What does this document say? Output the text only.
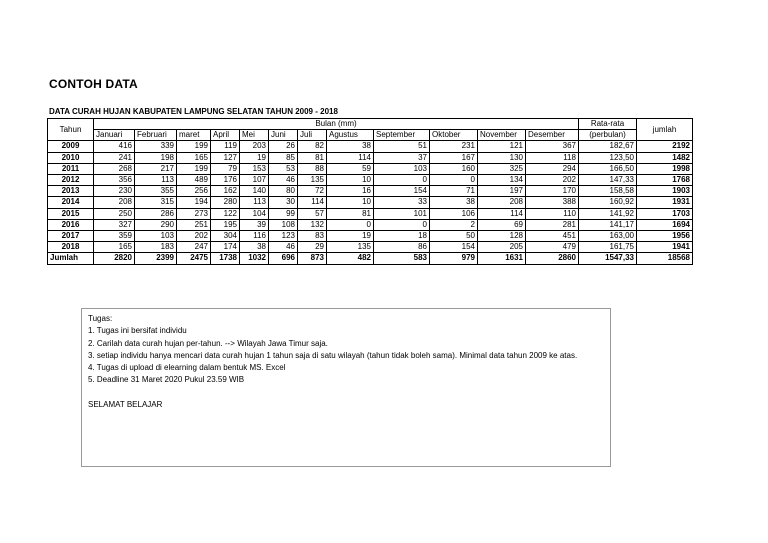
CONTOH DATA
DATA CURAH HUJAN KABUPATEN LAMPUNG SELATAN TAHUN 2009 - 2018
Tahun	Bulan (mm)												Rata-rata	jumlah
	Januari	Februari	maret	April	Mei	Juni	Juli	Agustus	September	Oktober	November	Desember	(perbulan)	
2009	416	339	199	119	203	26	82	38	51	231	121	367	182,67	2192
2010	241	198	165	127	19	85	81	114	37	167	130	118	123,50	1482
2011	268	217	199	79	153	53	88	59	103	160	325	294	166,50	1998
2012	356	113	489	176	107	46	135	10	0	0	134	202	147,33	1768
2013	230	355	256	162	140	80	72	16	154	71	197	170	158,58	1903
2014	208	315	194	280	113	30	114	10	33	38	208	388	160,92	1931
2015	250	286	273	122	104	99	57	81	101	106	114	110	141,92	1703
2016	327	290	251	195	39	108	132	0	0	2	69	281	141,17	1694
2017	359	103	202	304	116	123	83	19	18	50	128	451	163,00	1956
2018	165	183	247	174	38	46	29	135	86	154	205	479	161,75	1941
Jumlah	2820	2399	2475	1738	1032	696	873	482	583	979	1631	2860	1547,33	18568
Tugas:
1. Tugas ini bersifat individu
2. Carilah data curah hujan per-tahun. --> Wilayah Jawa Timur saja.
3. setiap individu hanya mencari data curah hujan 1 tahun saja di satu wilayah (tahun tidak boleh sama). Minimal data tahun 2009 ke atas.
4. Tugas di upload di elearning dalam bentuk MS. Excel
5. Deadline 31 Maret 2020 Pukul 23.59 WIB
SELAMAT BELAJAR
